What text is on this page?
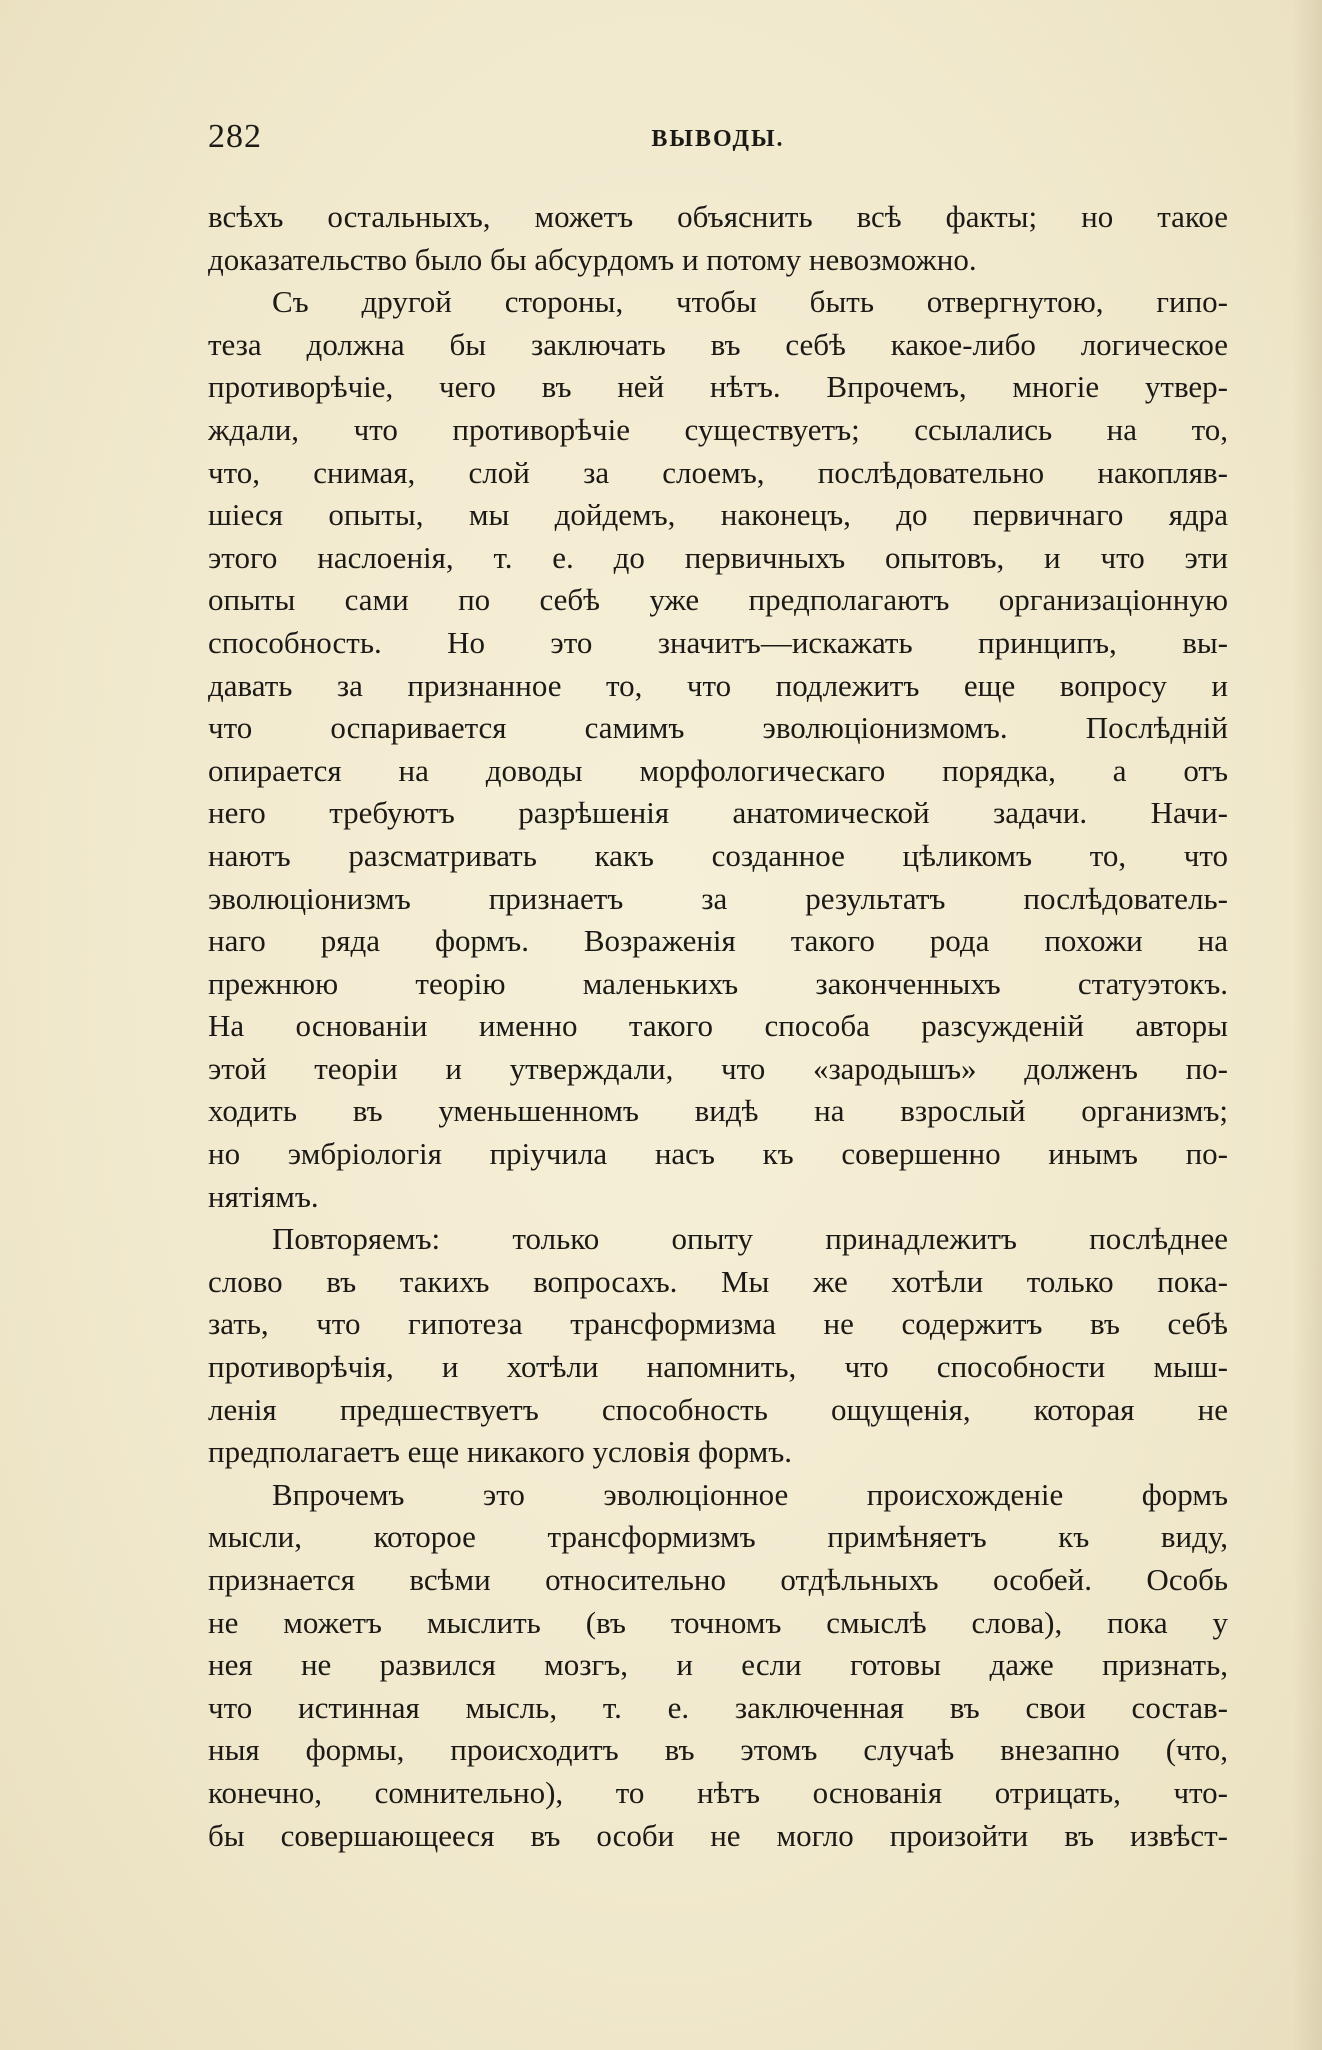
282	ВЫВОДЫ.
всѣхъ остальныхъ, можетъ объяснить всѣ факты; но такое
доказательство было бы абсурдомъ и потому невозможно.
Съ другой стороны, чтобы быть отвергнутою, гипо-
теза должна бы заключать въ себѣ какое-либо логическое
противорѣчіе, чего въ ней нѣтъ. Впрочемъ, многіе утвер-
ждали, что противорѣчіе существуетъ; ссылались на то,
что, снимая, слой за слоемъ, послѣдовательно накопляв-
шіеся опыты, мы дойдемъ, наконецъ, до первичнаго ядра
этого наслоенія, т. е. до первичныхъ опытовъ, и что эти
опыты сами по себѣ уже предполагаютъ организаціонную
способность. Но это значитъ—искажать принципъ, вы-
давать за признанное то, что подлежитъ еще вопросу и
что оспаривается самимъ эволюціонизмомъ. Послѣдній
опирается на доводы морфологическаго порядка, а отъ
него требуютъ разрѣшенія анатомической задачи. Начи-
наютъ разсматривать какъ созданное цѣликомъ то, что
эволюціонизмъ признаетъ за результатъ послѣдователь-
наго ряда формъ. Возраженія такого рода похожи на
прежнюю теорію маленькихъ законченныхъ статуэтокъ.
На основаніи именно такого способа разсужденій авторы
этой теоріи и утверждали, что «зародышъ» долженъ по-
ходить въ уменьшенномъ видѣ на взрослый организмъ;
но эмбріологія пріучила насъ къ совершенно инымъ по-
нятіямъ.
Повторяемъ: только опыту принадлежитъ послѣднее
слово въ такихъ вопросахъ. Мы же хотѣли только пока-
зать, что гипотеза трансформизма не содержитъ въ себѣ
противорѣчія, и хотѣли напомнить, что способности мыш-
ленія предшествуетъ способность ощущенія, которая не
предполагаетъ еще никакого условія формъ.
Впрочемъ это эволюціонное происхожденіе формъ
мысли, которое трансформизмъ примѣняетъ къ виду,
признается всѣми относительно отдѣльныхъ особей. Особь
не можетъ мыслить (въ точномъ смыслѣ слова), пока у
нея не развился мозгъ, и если готовы даже признать,
что истинная мысль, т. е. заключенная въ свои состав-
ныя формы, происходитъ въ этомъ случаѣ внезапно (что,
конечно, сомнительно), то нѣтъ основанія отрицать, что-
бы совершающееся въ особи не могло произойти въ извѣст-
